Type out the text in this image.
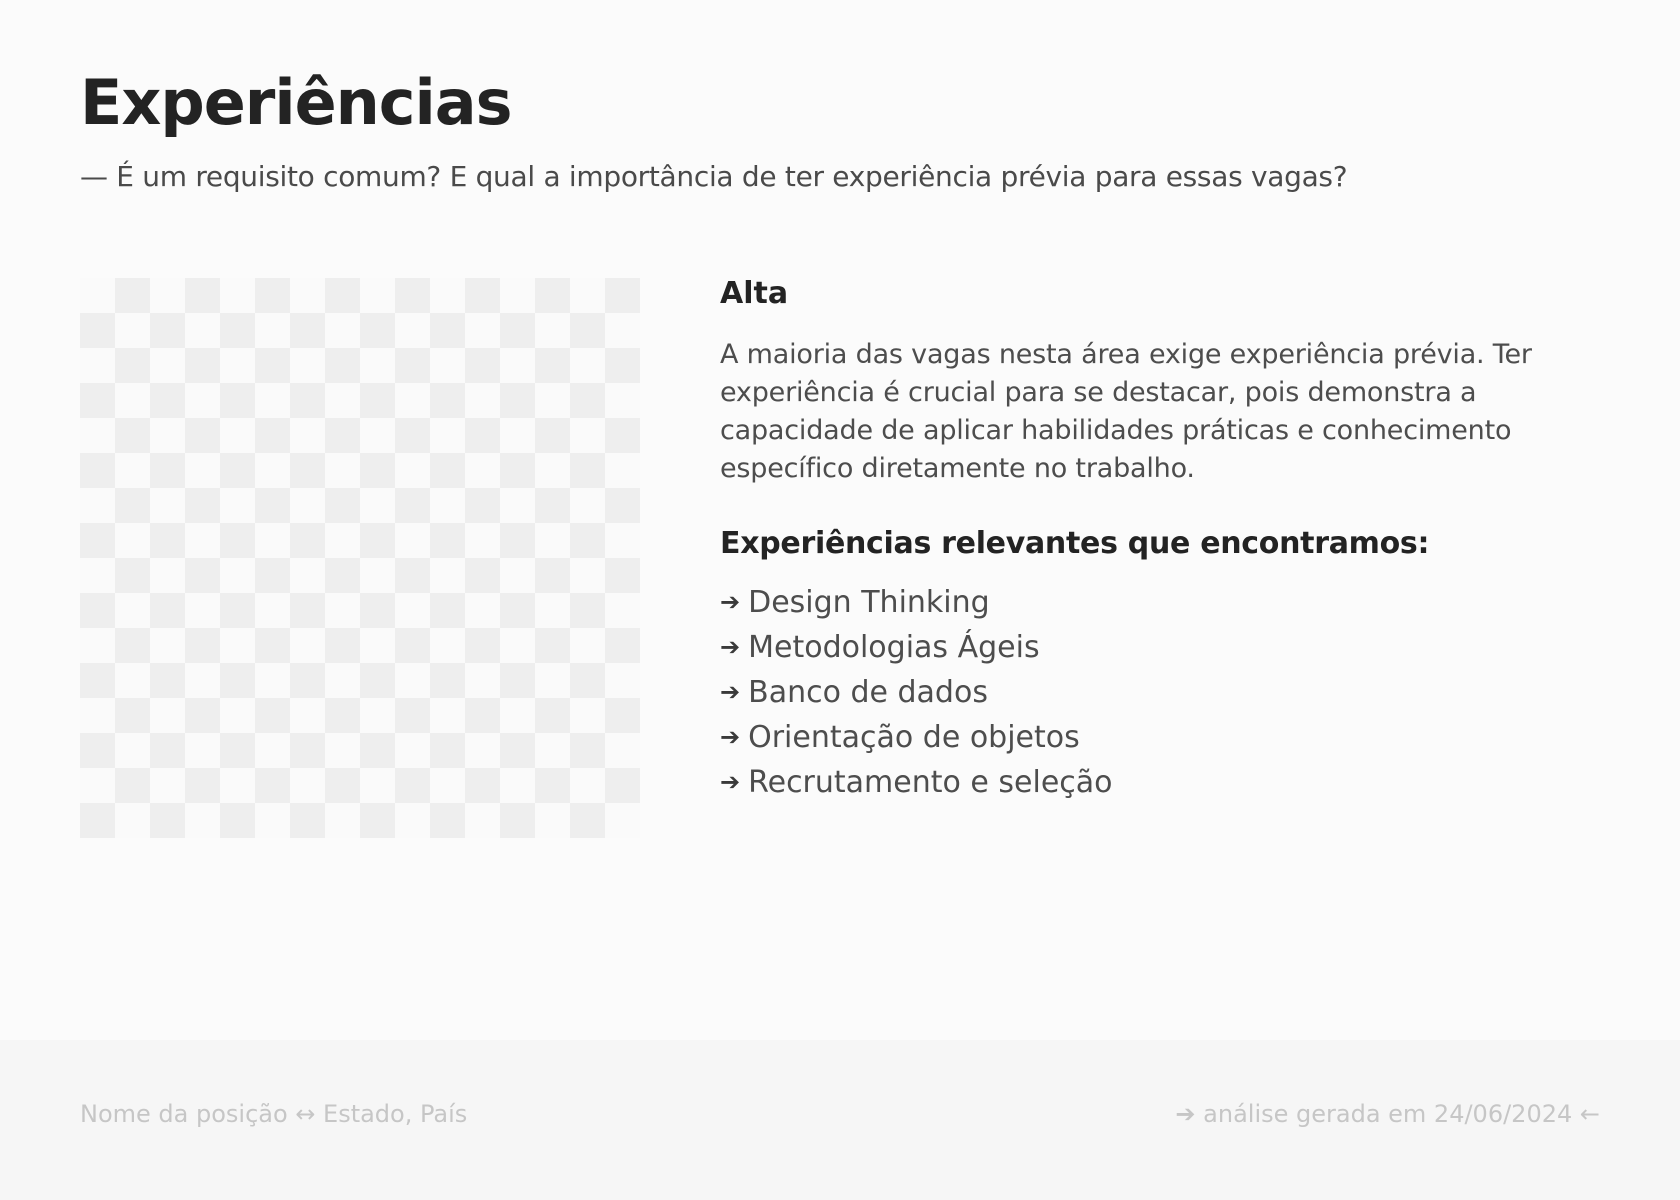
Experiências

— É um requisito comum? E qual a importância de ter experiência prévia para essas vagas?

Alta

A maioria das vagas nesta área exige experiência prévia. Ter experiência é crucial para se destacar, pois demonstra a capacidade de aplicar habilidades práticas e conhecimento específico diretamente no trabalho.

Experiências relevantes que encontramos:
➔ Design Thinking
➔ Metodologias Ágeis
➔ Banco de dados
➔ Orientação de objetos
➔ Recrutamento e seleção
Nome da posição ↔ Estado, País	➔ análise gerada em 24/06/2024 ←
